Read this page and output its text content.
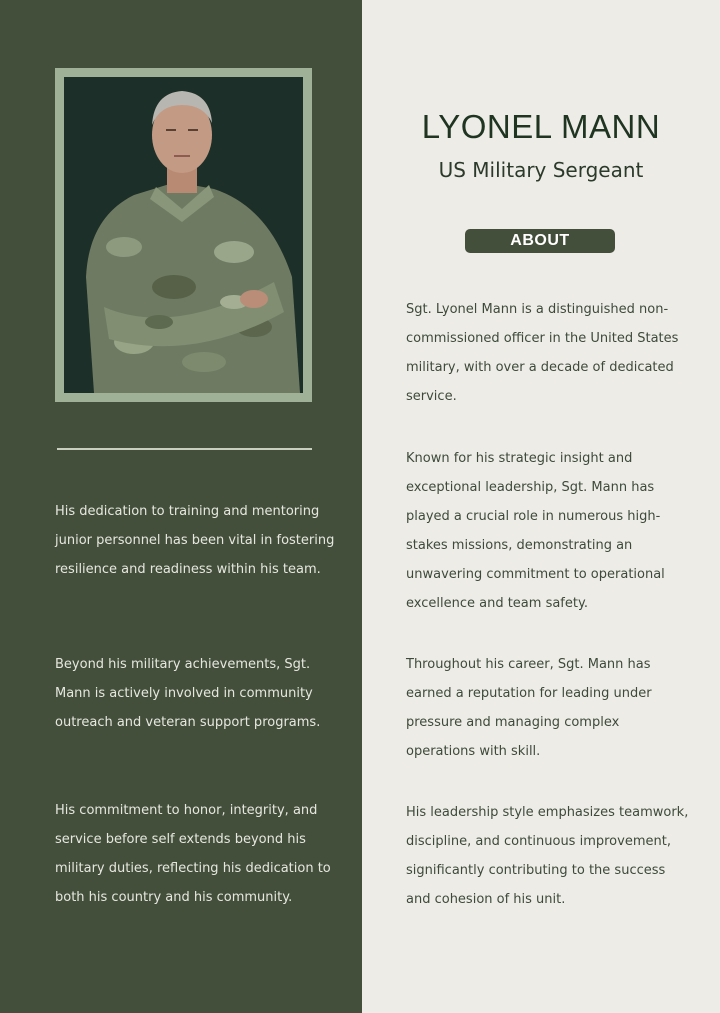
His dedication to training and mentoring junior personnel has been vital in fostering resilience and readiness within his team.

Beyond his military achievements, Sgt. Mann is actively involved in community outreach and veteran support programs.

His commitment to honor, integrity, and service before self extends beyond his military duties, reflecting his dedication to both his country and his community.

LYONEL MANN
US Military Sergeant
ABOUT

Sgt. Lyonel Mann is a distinguished non-commissioned officer in the United States military, with over a decade of dedicated service.

Known for his strategic insight and exceptional leadership, Sgt. Mann has played a crucial role in numerous high-stakes missions, demonstrating an unwavering commitment to operational excellence and team safety.

Throughout his career, Sgt. Mann has earned a reputation for leading under pressure and managing complex operations with skill.

His leadership style emphasizes teamwork, discipline, and continuous improvement, significantly contributing to the success and cohesion of his unit.
